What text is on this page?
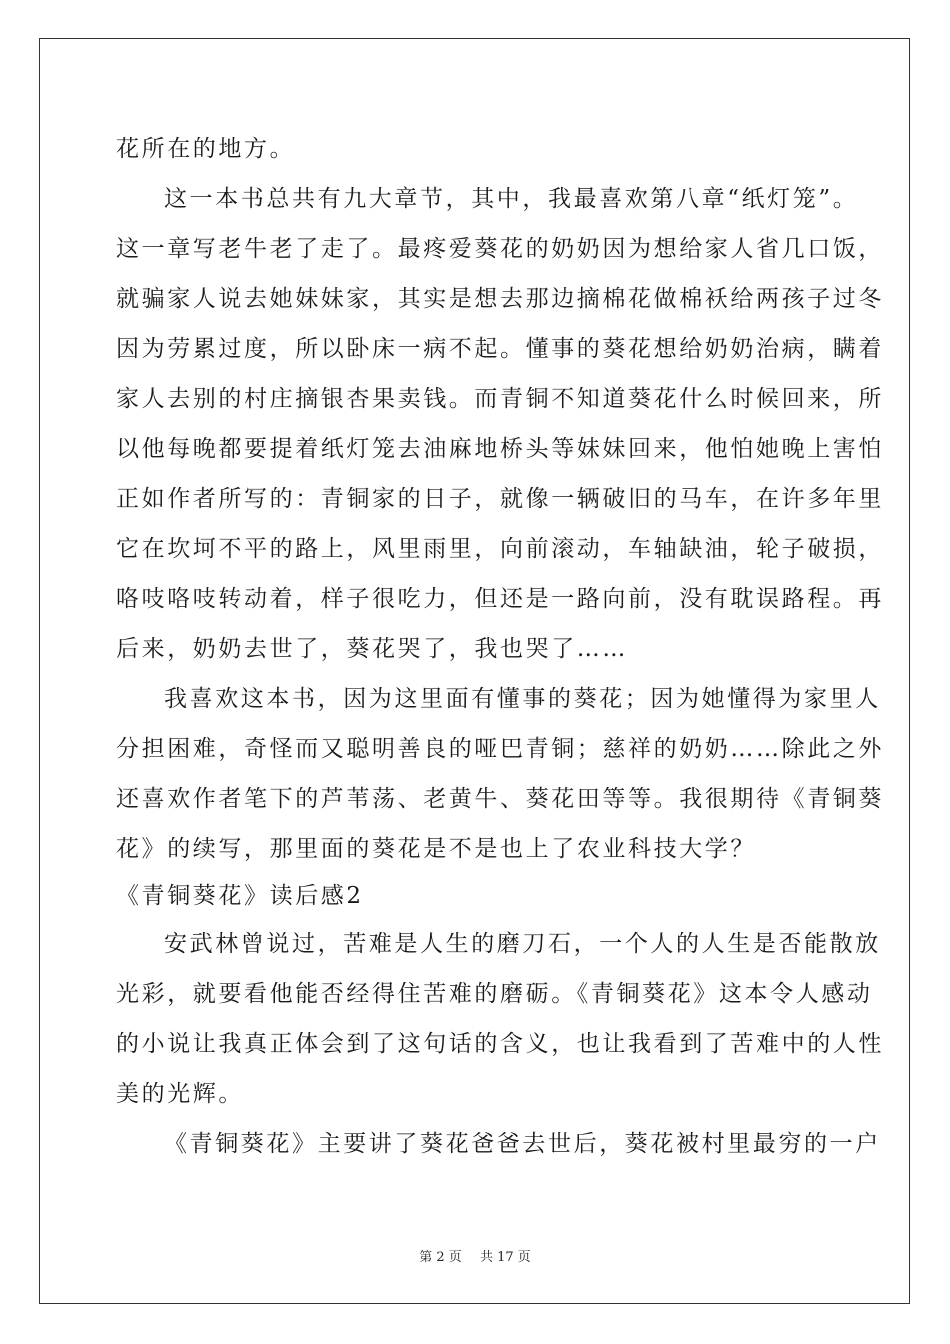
花所在的地方。
这一本书总共有九大章节，其中，我最喜欢第八章“纸灯笼”。
这一章写老牛老了走了。最疼爱葵花的奶奶因为想给家人省几口饭，
就骗家人说去她妹妹家，其实是想去那边摘棉花做棉袄给两孩子过冬
因为劳累过度，所以卧床一病不起。懂事的葵花想给奶奶治病，瞒着
家人去别的村庄摘银杏果卖钱。而青铜不知道葵花什么时候回来，所
以他每晚都要提着纸灯笼去油麻地桥头等妹妹回来，他怕她晚上害怕
正如作者所写的：青铜家的日子，就像一辆破旧的马车，在许多年里
它在坎坷不平的路上，风里雨里，向前滚动，车轴缺油，轮子破损，
咯吱咯吱转动着，样子很吃力，但还是一路向前，没有耽误路程。再
后来，奶奶去世了，葵花哭了，我也哭了……
我喜欢这本书，因为这里面有懂事的葵花；因为她懂得为家里人
分担困难，奇怪而又聪明善良的哑巴青铜；慈祥的奶奶……除此之外
还喜欢作者笔下的芦苇荡、老黄牛、葵花田等等。我很期待《青铜葵
花》的续写，那里面的葵花是不是也上了农业科技大学？
《青铜葵花》读后感2
安武林曾说过，苦难是人生的磨刀石，一个人的人生是否能散放
光彩，就要看他能否经得住苦难的磨砺。《青铜葵花》这本令人感动
的小说让我真正体会到了这句话的含义，也让我看到了苦难中的人性
美的光辉。
《青铜葵花》主要讲了葵花爸爸去世后，葵花被村里最穷的一户
第 2 页 共 17 页
